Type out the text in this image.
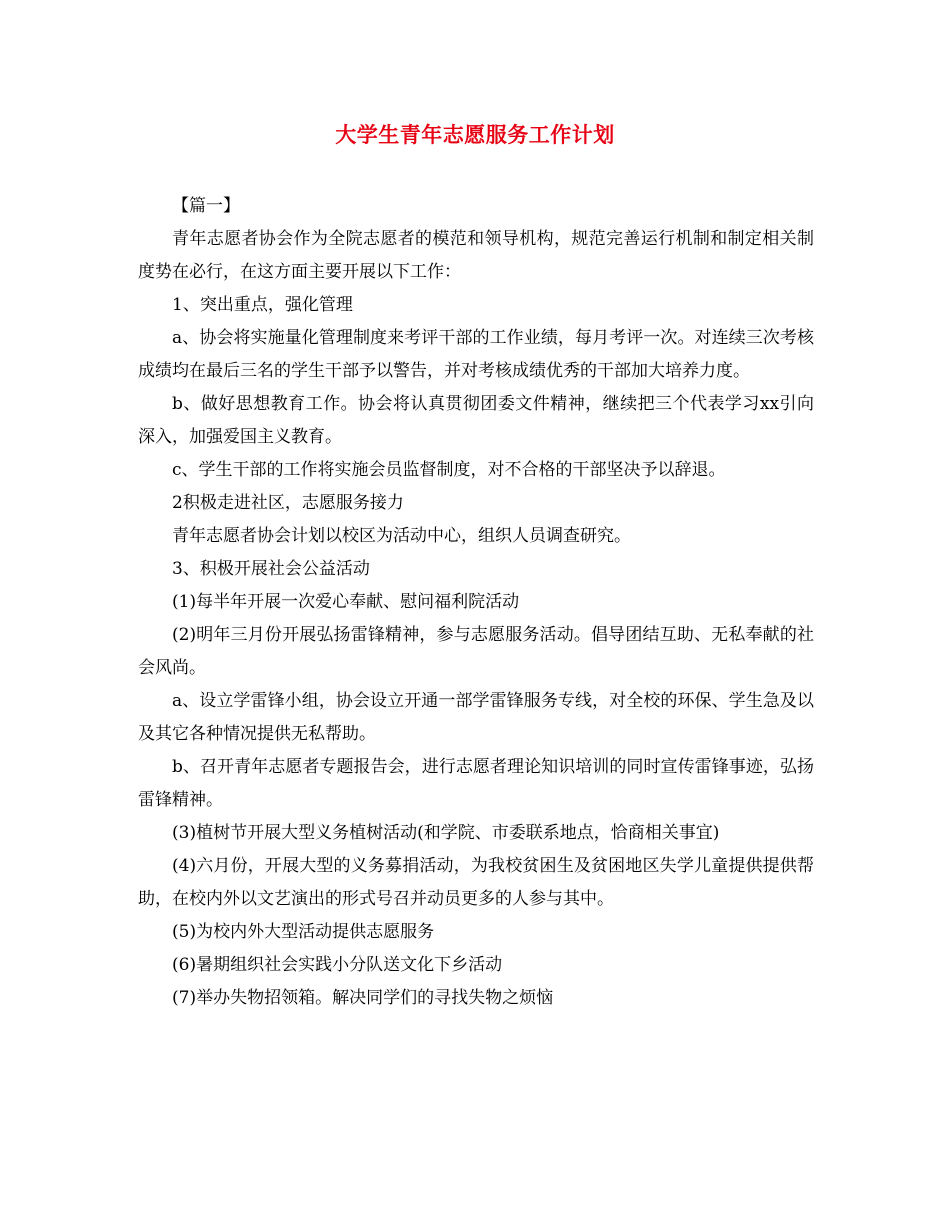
大学生青年志愿服务工作计划

【篇一】

青年志愿者协会作为全院志愿者的模范和领导机构，规范完善运行机制和制定相关制度势在必行，在这方面主要开展以下工作：

1、突出重点，强化管理

a、协会将实施量化管理制度来考评干部的工作业绩，每月考评一次。对连续三次考核成绩均在最后三名的学生干部予以警告，并对考核成绩优秀的干部加大培养力度。

b、做好思想教育工作。协会将认真贯彻团委文件精神，继续把三个代表学习xx引向深入，加强爱国主义教育。

c、学生干部的工作将实施会员监督制度，对不合格的干部坚决予以辞退。

2积极走进社区，志愿服务接力

青年志愿者协会计划以校区为活动中心，组织人员调查研究。

3、积极开展社会公益活动

(1)每半年开展一次爱心奉献、慰问福利院活动

(2)明年三月份开展弘扬雷锋精神，参与志愿服务活动。倡导团结互助、无私奉献的社会风尚。

a、设立学雷锋小组，协会设立开通一部学雷锋服务专线，对全校的环保、学生急及以及其它各种情况提供无私帮助。

b、召开青年志愿者专题报告会，进行志愿者理论知识培训的同时宣传雷锋事迹，弘扬雷锋精神。

(3)植树节开展大型义务植树活动(和学院、市委联系地点，恰商相关事宜)

(4)六月份，开展大型的义务募捐活动，为我校贫困生及贫困地区失学儿童提供提供帮助，在校内外以文艺演出的形式号召并动员更多的人参与其中。

(5)为校内外大型活动提供志愿服务

(6)暑期组织社会实践小分队送文化下乡活动

(7)举办失物招领箱。解决同学们的寻找失物之烦恼
